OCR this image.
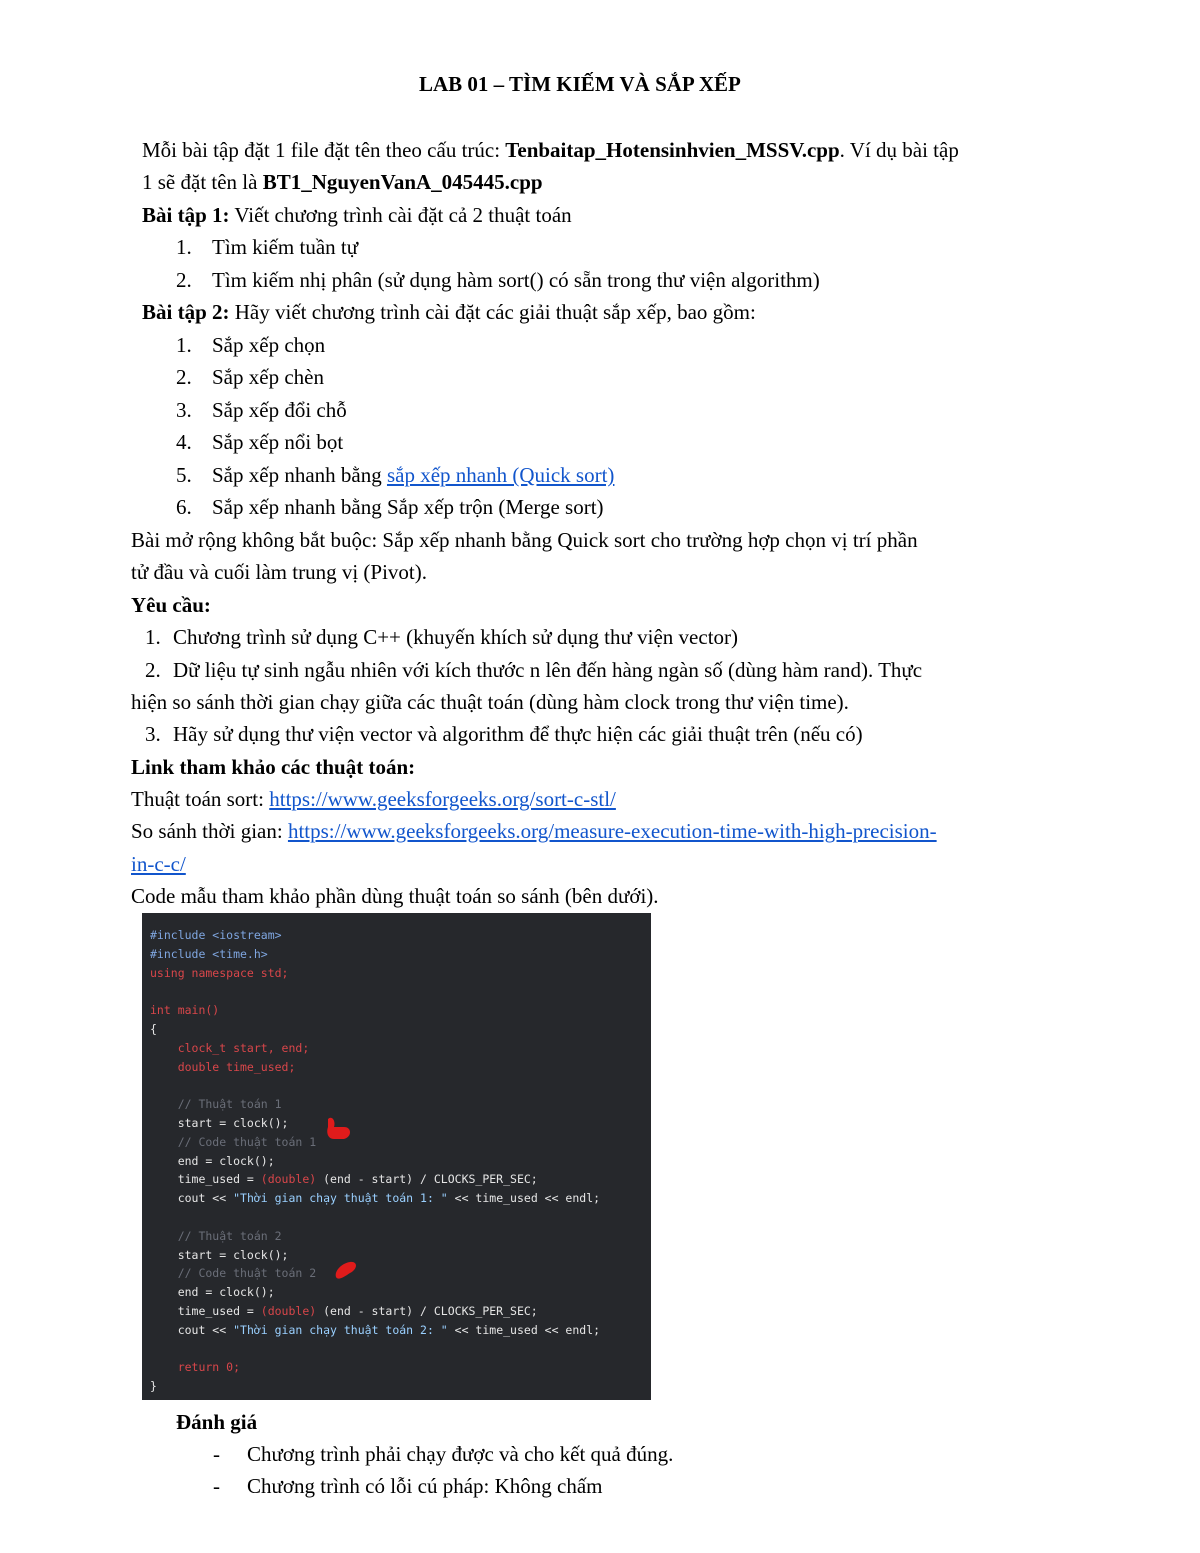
LAB 01 – TÌM KIẾM VÀ SẮP XẾP
Mỗi bài tập đặt 1 file đặt tên theo cấu trúc: Tenbaitap_Hotensinhvien_MSSV.cpp. Ví dụ bài tập
1 sẽ đặt tên là BT1_NguyenVanA_045445.cpp
Bài tập 1: Viết chương trình cài đặt cả 2 thuật toán
1. Tìm kiếm tuần tự
2. Tìm kiếm nhị phân (sử dụng hàm sort() có sẵn trong thư viện algorithm)
Bài tập 2: Hãy viết chương trình cài đặt các giải thuật sắp xếp, bao gồm:
1. Sắp xếp chọn
2. Sắp xếp chèn
3. Sắp xếp đổi chỗ
4. Sắp xếp nổi bọt
5. Sắp xếp nhanh bằng sắp xếp nhanh (Quick sort)
6. Sắp xếp nhanh bằng Sắp xếp trộn (Merge sort)
Bài mở rộng không bắt buộc: Sắp xếp nhanh bằng Quick sort cho trường hợp chọn vị trí phần
tử đầu và cuối làm trung vị (Pivot).
Yêu cầu:
1. Chương trình sử dụng C++ (khuyến khích sử dụng thư viện vector)
2. Dữ liệu tự sinh ngẫu nhiên với kích thước n lên đến hàng ngàn số (dùng hàm rand). Thực
hiện so sánh thời gian chạy giữa các thuật toán (dùng hàm clock trong thư viện time).
3. Hãy sử dụng thư viện vector và algorithm để thực hiện các giải thuật trên (nếu có)
Link tham khảo các thuật toán:
Thuật toán sort: https://www.geeksforgeeks.org/sort-c-stl/
So sánh thời gian: https://www.geeksforgeeks.org/measure-execution-time-with-high-precision-
in-c-c/
Code mẫu tham khảo phần dùng thuật toán so sánh (bên dưới).
#include <iostream>
#include <time.h>
using namespace std;
int main()
{
clock_t start, end;
double time_used;
// Thuật toán 1
start = clock();
// Code thuật toán 1
end = clock();
time_used = (double) (end - start) / CLOCKS_PER_SEC;
cout << "Thời gian chạy thuật toán 1: " << time_used << endl;
// Thuật toán 2
start = clock();
// Code thuật toán 2
end = clock();
time_used = (double) (end - start) / CLOCKS_PER_SEC;
cout << "Thời gian chạy thuật toán 2: " << time_used << endl;
return 0;
}
Đánh giá
- Chương trình phải chạy được và cho kết quả đúng.
- Chương trình có lỗi cú pháp: Không chấm
